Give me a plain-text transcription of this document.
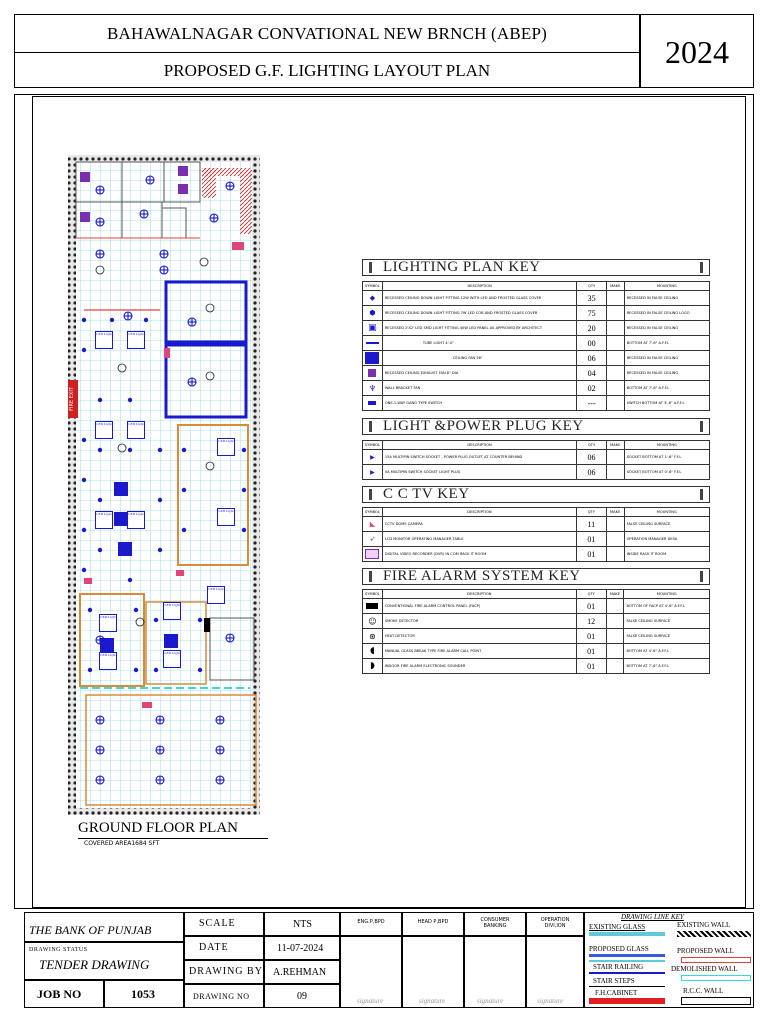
BAHAWALNAGAR CONVATIONAL NEW BRNCH (ABEP)
PROPOSED G.F. LIGHTING LAYOUT PLAN
2024
FIRE EXIT
LED Light	LED Light
LED Light	LED Light
LED Light	LED Light
LED Light
LED Light
LED Light
LED Light
LED Light
LED Light
LED Light
GROUND FLOOR PLAN
COVERED AREA1684 SFT
LIGHTING PLAN KEY
SYMBOL	DESCRIPTION	QTY	MAKE	MOUNTING
◆	RECESSED CEILING DOWN LIGHT FITTING 12W WITH LED AND FROSTED GLASS COVER	35		RECESSED IN FALSE CEILING
⬢	RECESSED CEILING DOWN LIGHT FITTING 7W LED COB AND FROSTED GLASS COVER	75		RECESSED IN FALSE CEILING LOGO
▣	RECESSED 2'X2' LED SMD LIGHT FITTING 40W LED PANEL AS APPROVED BY ARCHITECT	20		RECESSED IN FALSE CEILING

	TUBE LIGHT 4'-0"	00		BOTTOM AT 7'-6" A.F.F.L

	CEILING FAN 56"	06		RECESSED IN FALSE CEILING

	RECESSED CEILING EXHAUST FAN 8" DIA	04		RECESSED IN FALSE CEILING
♆	WALL BRACKET FAN	02		BOTTOM AT 7'-6" A.F.F.L

	ONE-1-WAY GANG TYPE SWITCH	---		SWITCH BOTTOM AT 3'-6" A.F.F.L
LIGHT &POWER PLUG KEY
SYMBOL	DESCRIPTION	QTY	MAKE	MOUNTING
▶	15A MULTIPIN SWITCH SOCKET - POWER PLUG OUTLET AT COUNTER BEHIND	06		SOCKET BOTTOM AT 1'-6" F.F.L
▶	5A MULTIPIN SWITCH SOCKET LIGHT PLUG	06		SOCKET BOTTOM AT 0'-6" F.F.L
C C TV KEY
SYMBOL	DESCRIPTION	QTY	MAKE	MOUNTING
◣	CCTV DOME CAMERA	11		FALSE CEILING SURFACE
➶	LCD MONITOR OPERATING MANAGER TABLE	01		OPERATION MANAGER DESK

	DIGITAL VIDEO RECORDER (DVR) IN COM RACK IT ROOM	01		INSIDE RACK IT ROOM
FIRE ALARM SYSTEM KEY
SYMBOL	DESCRIPTION	QTY	MAKE	MOUNTING

	CONVENTIONAL FIRE ALARM CONTROL PANEL (FACP)	01		BOTTOM OF FACP AT 4'-6" A.F.F.L
☺	SMOKE DETECTOR	12		FALSE CEILING SURFACE
⊛	HEAT DETECTOR	01		FALSE CEILING SURFACE
◖	MANUAL GLASS BREAK TYPE FIRE ALARM CALL POINT	01		BOTTOM AT 4'-6" A.F.F.L
◗	INDOOR FIRE ALARM ELECTRONIC SOUNDER	01		BOTTOM AT 7'-6" A.F.F.L
THE BANK OF PUNJAB
DRAWING STATUS
TENDER DRAWING
JOB NO	1053
SCALE	NTS
DATE	11-07-2024
DRAWING BY A.REHMAN
DRAWING NO	09
ENG.P,BPD	HEAD P,BPD	CONSUMER BANKING
OPERATION DIVI,ION
signature	signature	signature	signature
DRAWING LINE KEY
EXISTING GLASS	EXISTING WALL
PROPOSED GLASS	PROPOSED WALL
STAIR RAILING	DEMOLISHED WALL
STAIR STEPS
R.C.C. WALL
F.H.CABINET
